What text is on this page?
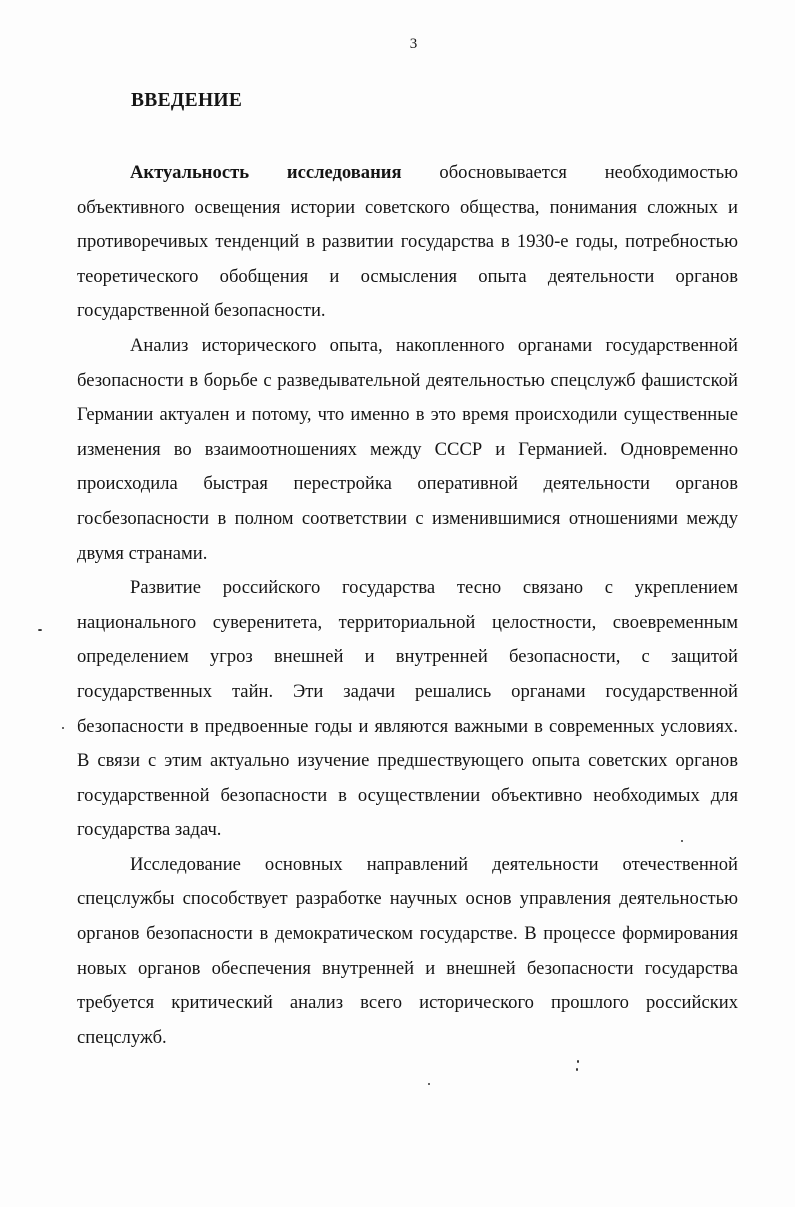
3
ВВЕДЕНИЕ

Актуальность исследования обосновывается необходимостью объективного освещения истории советского общества, понимания сложных и противоречивых тенденций в развитии государства в 1930-е годы, потребностью теоретического обобщения и осмысления опыта деятельности органов государственной безопасности.

Анализ исторического опыта, накопленного органами государственной безопасности в борьбе с разведывательной деятельностью спецслужб фашистской Германии актуален и потому, что именно в это время происходили существенные изменения во взаимоотношениях между СССР и Германией. Одновременно происходила быстрая перестройка оперативной деятельности органов госбезопасности в полном соответствии с изменившимися отношениями между двумя странами.

Развитие российского государства тесно связано с укреплением национального суверенитета, территориальной целостности, своевременным определением угроз внешней и внутренней безопасности, с защитой государственных тайн. Эти задачи решались органами государственной безопасности в предвоенные годы и являются важными в современных условиях. В связи с этим актуально изучение предшествующего опыта советских органов государственной безопасности в осуществлении объективно необходимых для государства задач.

Исследование основных направлений деятельности отечественной спецслужбы способствует разработке научных основ управления деятельностью органов безопасности в демократическом государстве. В процессе формирования новых органов обеспечения внутренней и внешней безопасности государства требуется критический анализ всего исторического прошлого российских спецслужб.
